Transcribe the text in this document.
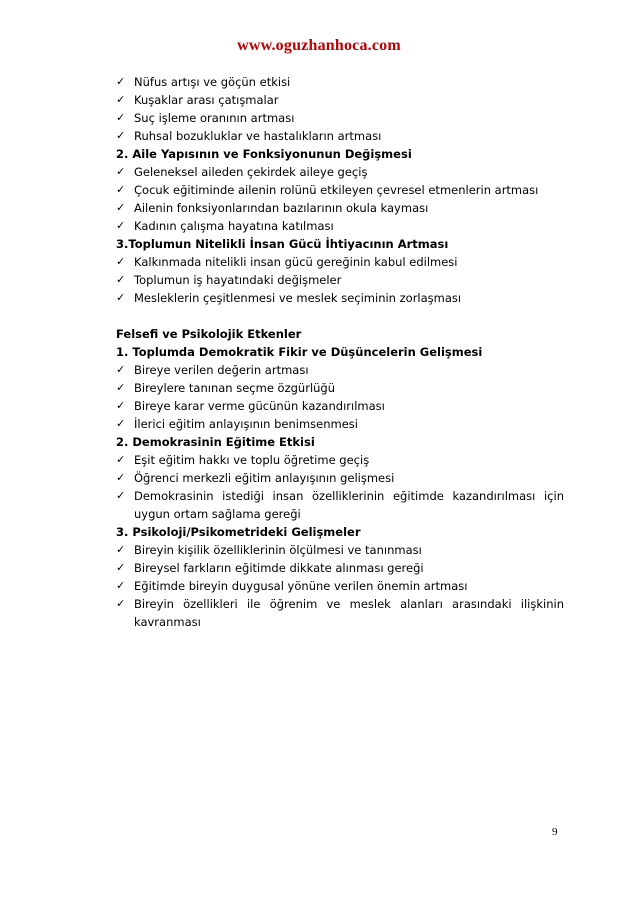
www.oguzhanhoca.com
✓ Nüfus artışı ve göçün etkisi
✓ Kuşaklar arası çatışmalar
✓ Suç işleme oranının artması
✓ Ruhsal bozukluklar ve hastalıkların artması
2. Aile Yapısının ve Fonksiyonunun Değişmesi
✓ Geleneksel aileden çekirdek aileye geçiş
✓ Çocuk eğitiminde ailenin rolünü etkileyen çevresel etmenlerin artması
✓ Ailenin fonksiyonlarından bazılarının okula kayması
✓ Kadının çalışma hayatına katılması
3.Toplumun Nitelikli İnsan Gücü İhtiyacının Artması
✓ Kalkınmada nitelikli insan gücü gereğinin kabul edilmesi
✓ Toplumun iş hayatındaki değişmeler
✓ Mesleklerin çeşitlenmesi ve meslek seçiminin zorlaşması
Felsefi ve Psikolojik Etkenler
1. Toplumda Demokratik Fikir ve Düşüncelerin Gelişmesi
✓ Bireye verilen değerin artması
✓ Bireylere tanınan seçme özgürlüğü
✓ Bireye karar verme gücünün kazandırılması
✓ İlerici eğitim anlayışının benimsenmesi
2. Demokrasinin Eğitime Etkisi
✓ Eşit eğitim hakkı ve toplu öğretime geçiş
✓ Öğrenci merkezli eğitim anlayışının gelişmesi
✓ Demokrasinin istediği insan özelliklerinin eğitimde kazandırılması için uygun ortam sağlama gereği
3. Psikoloji/Psikometrideki Gelişmeler
✓ Bireyin kişilik özelliklerinin ölçülmesi ve tanınması
✓ Bireysel farkların eğitimde dikkate alınması gereği
✓ Eğitimde bireyin duygusal yönüne verilen önemin artması
✓ Bireyin özellikleri ile öğrenim ve meslek alanları arasındaki ilişkinin kavranması
9
